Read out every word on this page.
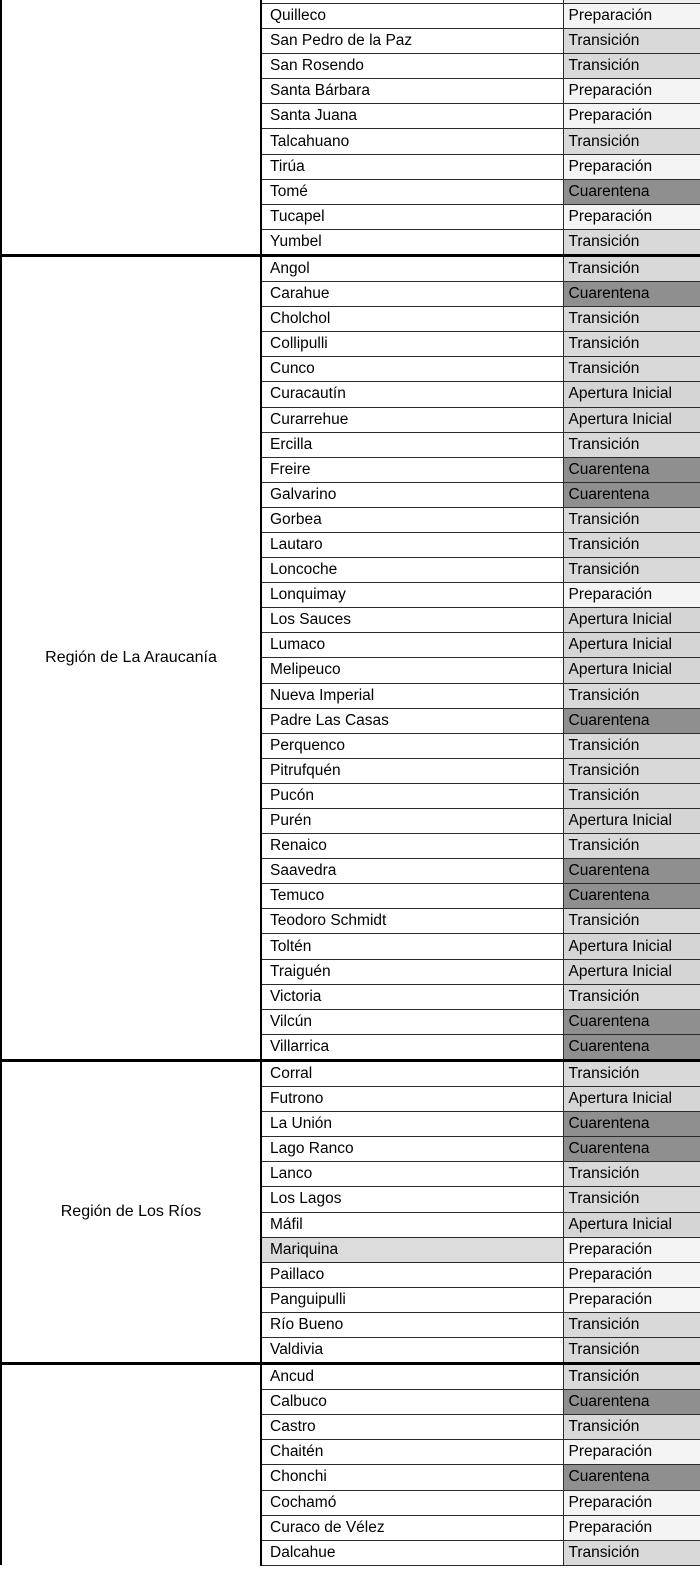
	Quilleco	Preparación
	San Pedro de la Paz	Transición
	San Rosendo	Transición
	Santa Bárbara	Preparación
	Santa Juana	Preparación
	Talcahuano	Transición
	Tirúa	Preparación
	Tomé	Cuarentena
	Tucapel	Preparación
	Yumbel	Transición
Región de La Araucanía	Angol	Transición
	Carahue	Cuarentena
	Cholchol	Transición
	Collipulli	Transición
	Cunco	Transición
	Curacautín	Apertura Inicial
	Curarrehue	Apertura Inicial
	Ercilla	Transición
	Freire	Cuarentena
	Galvarino	Cuarentena
	Gorbea	Transición
	Lautaro	Transición
	Loncoche	Transición
	Lonquimay	Preparación
	Los Sauces	Apertura Inicial
	Lumaco	Apertura Inicial
	Melipeuco	Apertura Inicial
	Nueva Imperial	Transición
	Padre Las Casas	Cuarentena
	Perquenco	Transición
	Pitrufquén	Transición
	Pucón	Transición
	Purén	Apertura Inicial
	Renaico	Transición
	Saavedra	Cuarentena
	Temuco	Cuarentena
	Teodoro Schmidt	Transición
	Toltén	Apertura Inicial
	Traiguén	Apertura Inicial
	Victoria	Transición
	Vilcún	Cuarentena
	Villarrica	Cuarentena
Región de Los Ríos	Corral	Transición
	Futrono	Apertura Inicial
	La Unión	Cuarentena
	Lago Ranco	Cuarentena
	Lanco	Transición
	Los Lagos	Transición
	Máfil	Apertura Inicial
	Mariquina	Preparación
	Paillaco	Preparación
	Panguipulli	Preparación
	Río Bueno	Transición
	Valdivia	Transición
	Ancud	Transición
	Calbuco	Cuarentena
	Castro	Transición
	Chaitén	Preparación
	Chonchi	Cuarentena
	Cochamó	Preparación
	Curaco de Vélez	Preparación
	Dalcahue	Transición
